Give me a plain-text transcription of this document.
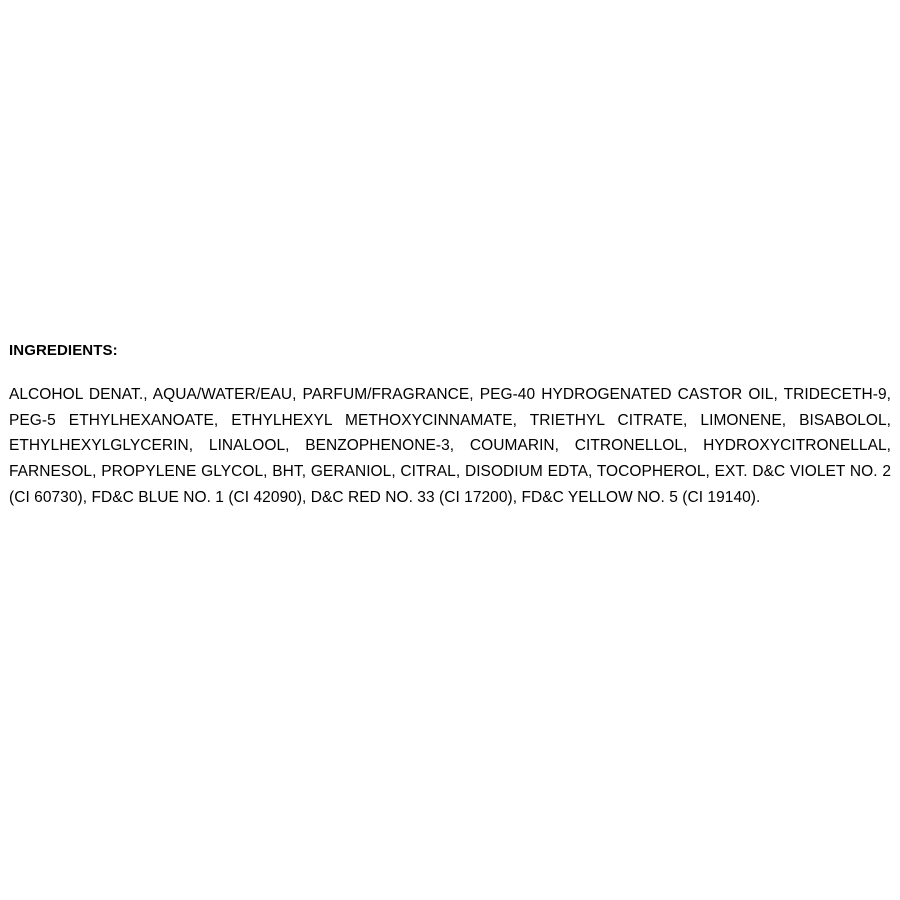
INGREDIENTS:

ALCOHOL DENAT., AQUA/WATER/EAU, PARFUM/FRAGRANCE, PEG-40 HYDROGENATED CASTOR OIL, TRIDECETH-9, PEG-5 ETHYLHEXANOATE, ETHYLHEXYL METHOXYCINNAMATE, TRIETHYL CITRATE, LIMONENE, BISABOLOL, ETHYLHEXYLGLYCERIN, LINALOOL, BENZOPHENONE-3, COUMARIN, CITRONELLOL, HYDROXYCITRONELLAL, FARNESOL, PROPYLENE GLYCOL, BHT, GERANIOL, CITRAL, DISODIUM EDTA, TOCOPHEROL, EXT. D&C VIOLET NO. 2 (CI 60730), FD&C BLUE NO. 1 (CI 42090), D&C RED NO. 33 (CI 17200), FD&C YELLOW NO. 5 (CI 19140).
